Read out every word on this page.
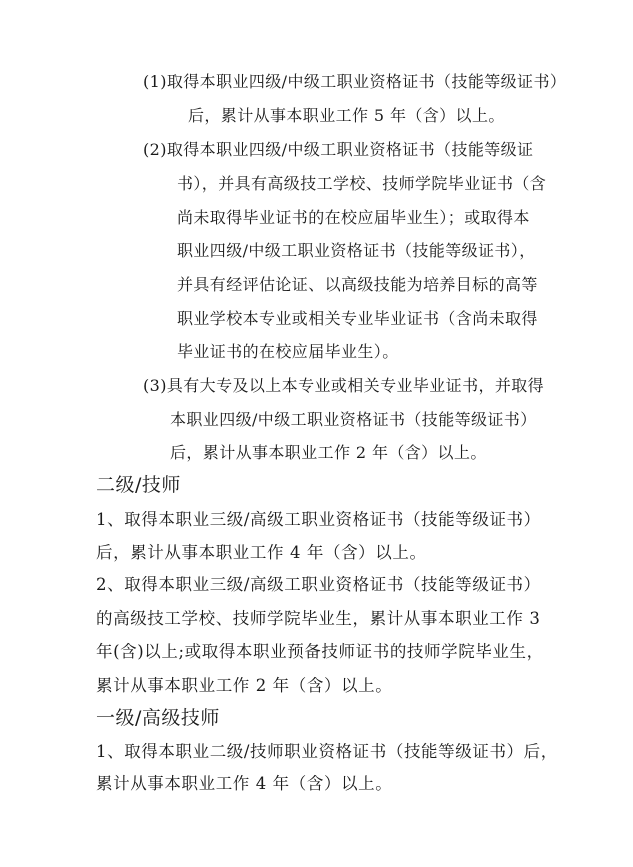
(1)取得本职业四级/中级工职业资格证书（技能等级证书）
后，累计从事本职业工作 5 年（含）以上。
(2)取得本职业四级/中级工职业资格证书（技能等级证
书），并具有高级技工学校、技师学院毕业证书（含
尚未取得毕业证书的在校应届毕业生）；或取得本
职业四级/中级工职业资格证书（技能等级证书），
并具有经评估论证、以高级技能为培养目标的高等
职业学校本专业或相关专业毕业证书（含尚未取得
毕业证书的在校应届毕业生）。
(3)具有大专及以上本专业或相关专业毕业证书，并取得
本职业四级/中级工职业资格证书（技能等级证书）
后，累计从事本职业工作 2 年（含）以上。
二级/技师
1、取得本职业三级/高级工职业资格证书（技能等级证书）
后，累计从事本职业工作 4 年（含）以上。
2、取得本职业三级/高级工职业资格证书（技能等级证书）
的高级技工学校、技师学院毕业生，累计从事本职业工作 3
年(含)以上;或取得本职业预备技师证书的技师学院毕业生，
累计从事本职业工作 2 年（含）以上。
一级/高级技师
1、取得本职业二级/技师职业资格证书（技能等级证书）后，
累计从事本职业工作 4 年（含）以上。
